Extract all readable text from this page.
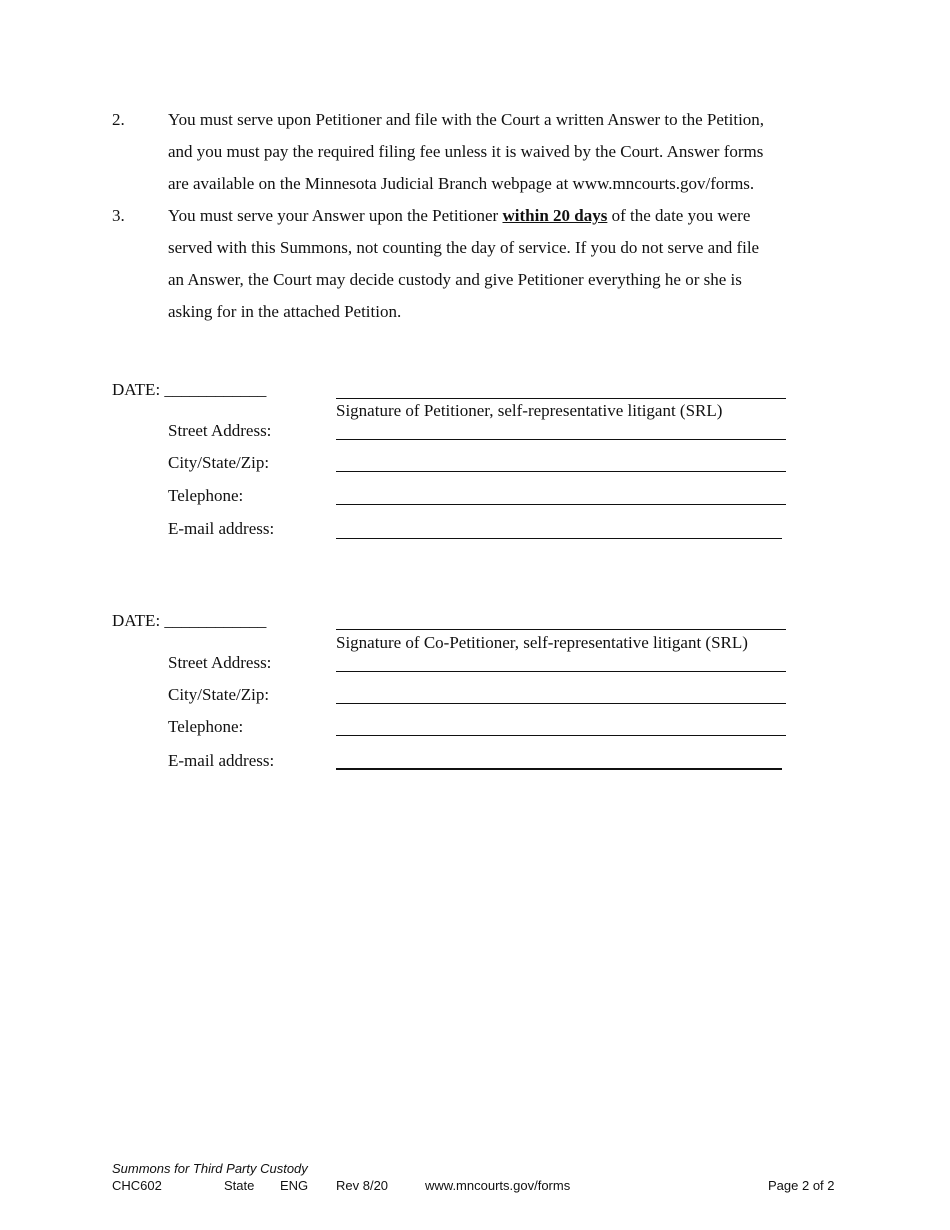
2.	You must serve upon Petitioner and file with the Court a written Answer to the Petition,
and you must pay the required filing fee unless it is waived by the Court. Answer forms
are available on the Minnesota Judicial Branch webpage at www.mncourts.gov/forms.
3.	You must serve your Answer upon the Petitioner within 20 days of the date you were
served with this Summons, not counting the day of service. If you do not serve and file
an Answer, the Court may decide custody and give Petitioner everything he or she is
asking for in the attached Petition.
DATE: ____________
Signature of Petitioner, self-representative litigant (SRL)
Street Address:
City/State/Zip:
Telephone:
E-mail address:
DATE: ____________
Signature of Co-Petitioner, self-representative litigant (SRL)
Street Address:
City/State/Zip:
Telephone:
E-mail address:
Summons for Third Party Custody
CHC602	State ENG Rev 8/20	www.mncourts.gov/forms	Page 2 of 2
